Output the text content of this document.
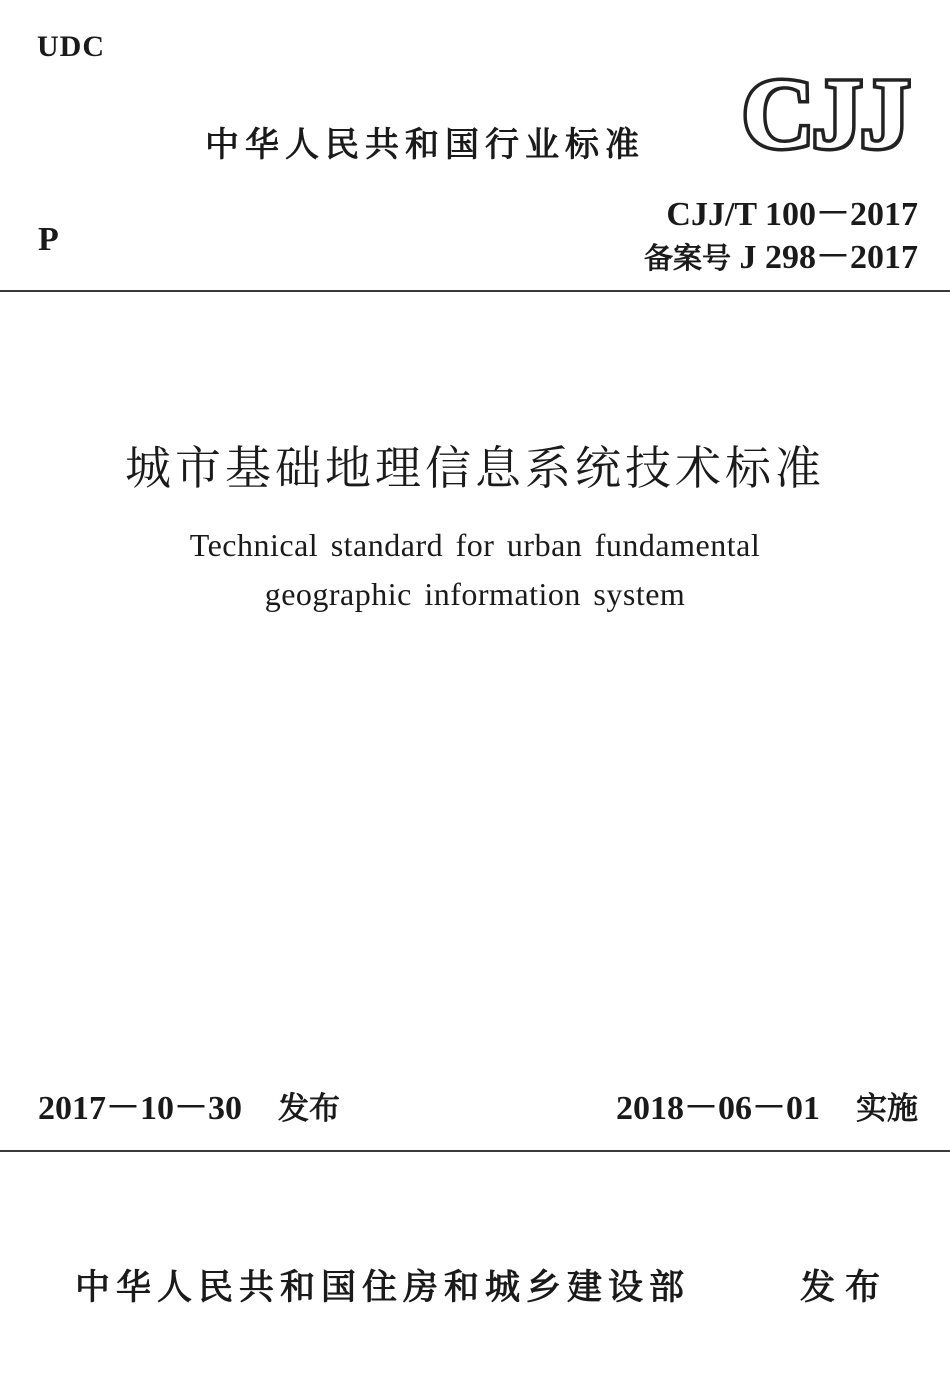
UDC
P
中华人民共和国行业标准 CJJ
CJJ/T 100－2017
备案号 J 298－2017
城市基础地理信息系统技术标准
Technical standard for urban fundamental
geographic information system
2017－10－30 发布	2018－06－01 实施
中华人民共和国住房和城乡建设部	发布
